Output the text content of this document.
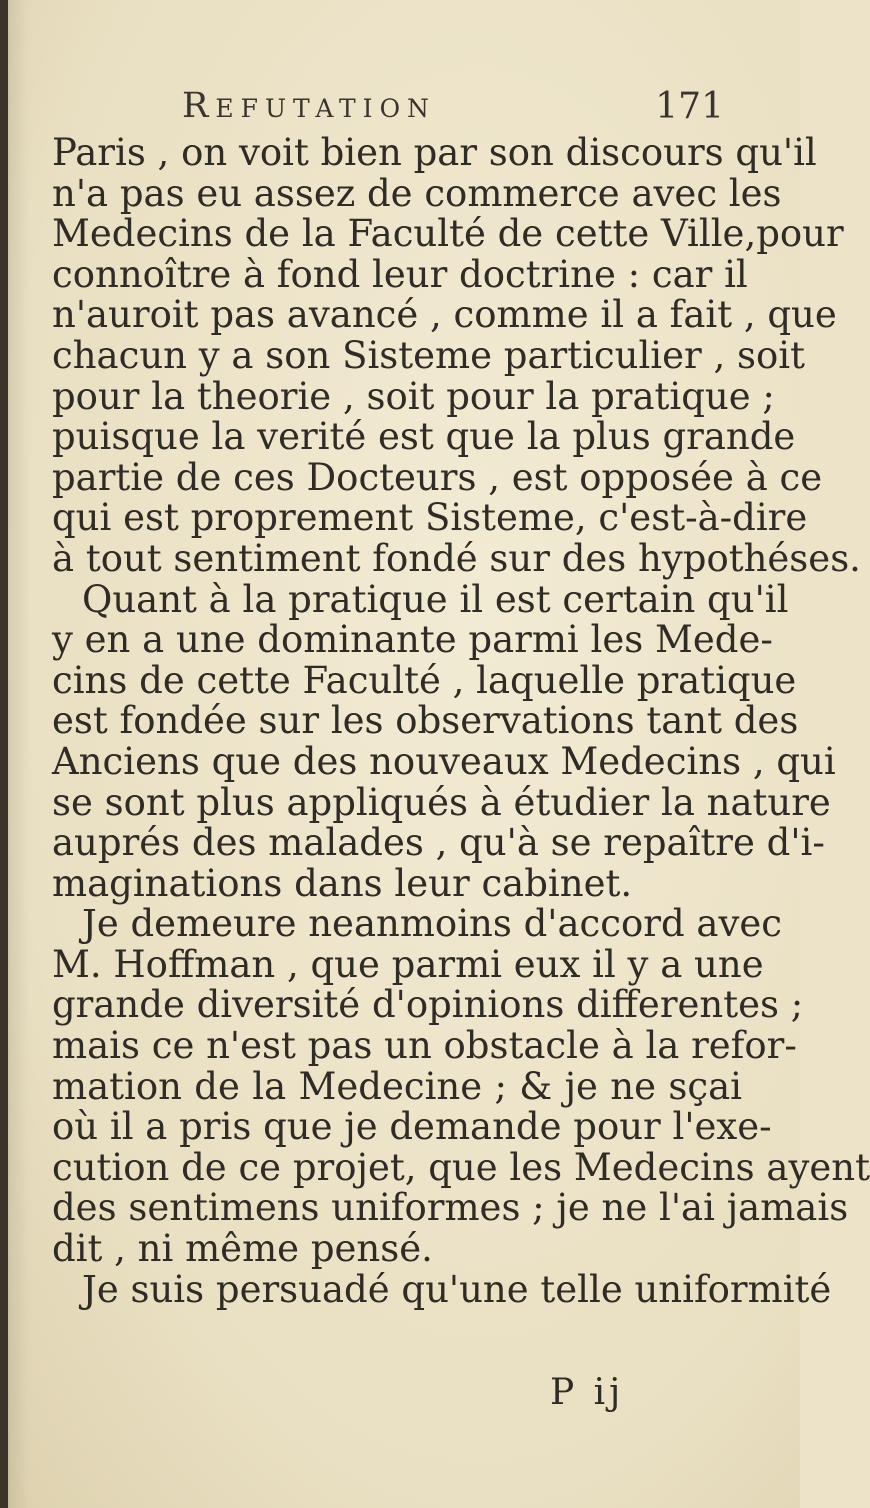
Refutation	171
Paris , on voit bien par son discours qu'il
n'a pas eu assez de commerce avec les
Medecins de la Faculté de cette Ville,pour
connoître à fond leur doctrine : car il
n'auroit pas avancé , comme il a fait , que
chacun y a son Sisteme particulier , soit
pour la theorie , soit pour la pratique ;
puisque la verité est que la plus grande
partie de ces Docteurs , est opposée à ce
qui est proprement Sisteme, c'est-à-dire
à tout sentiment fondé sur des hypothéses.
Quant à la pratique il est certain qu'il
y en a une dominante parmi les Mede-
cins de cette Faculté , laquelle pratique
est fondée sur les observations tant des
Anciens que des nouveaux Medecins , qui
se sont plus appliqués à étudier la nature
auprés des malades , qu'à se repaître d'i-
maginations dans leur cabinet.
Je demeure neanmoins d'accord avec
M. Hoffman , que parmi eux il y a une
grande diversité d'opinions differentes ;
mais ce n'est pas un obstacle à la refor-
mation de la Medecine ; & je ne sçai
où il a pris que je demande pour l'exe-
cution de ce projet, que les Medecins ayent
des sentimens uniformes ; je ne l'ai jamais
dit , ni même pensé.
Je suis persuadé qu'une telle uniformité
P ij
